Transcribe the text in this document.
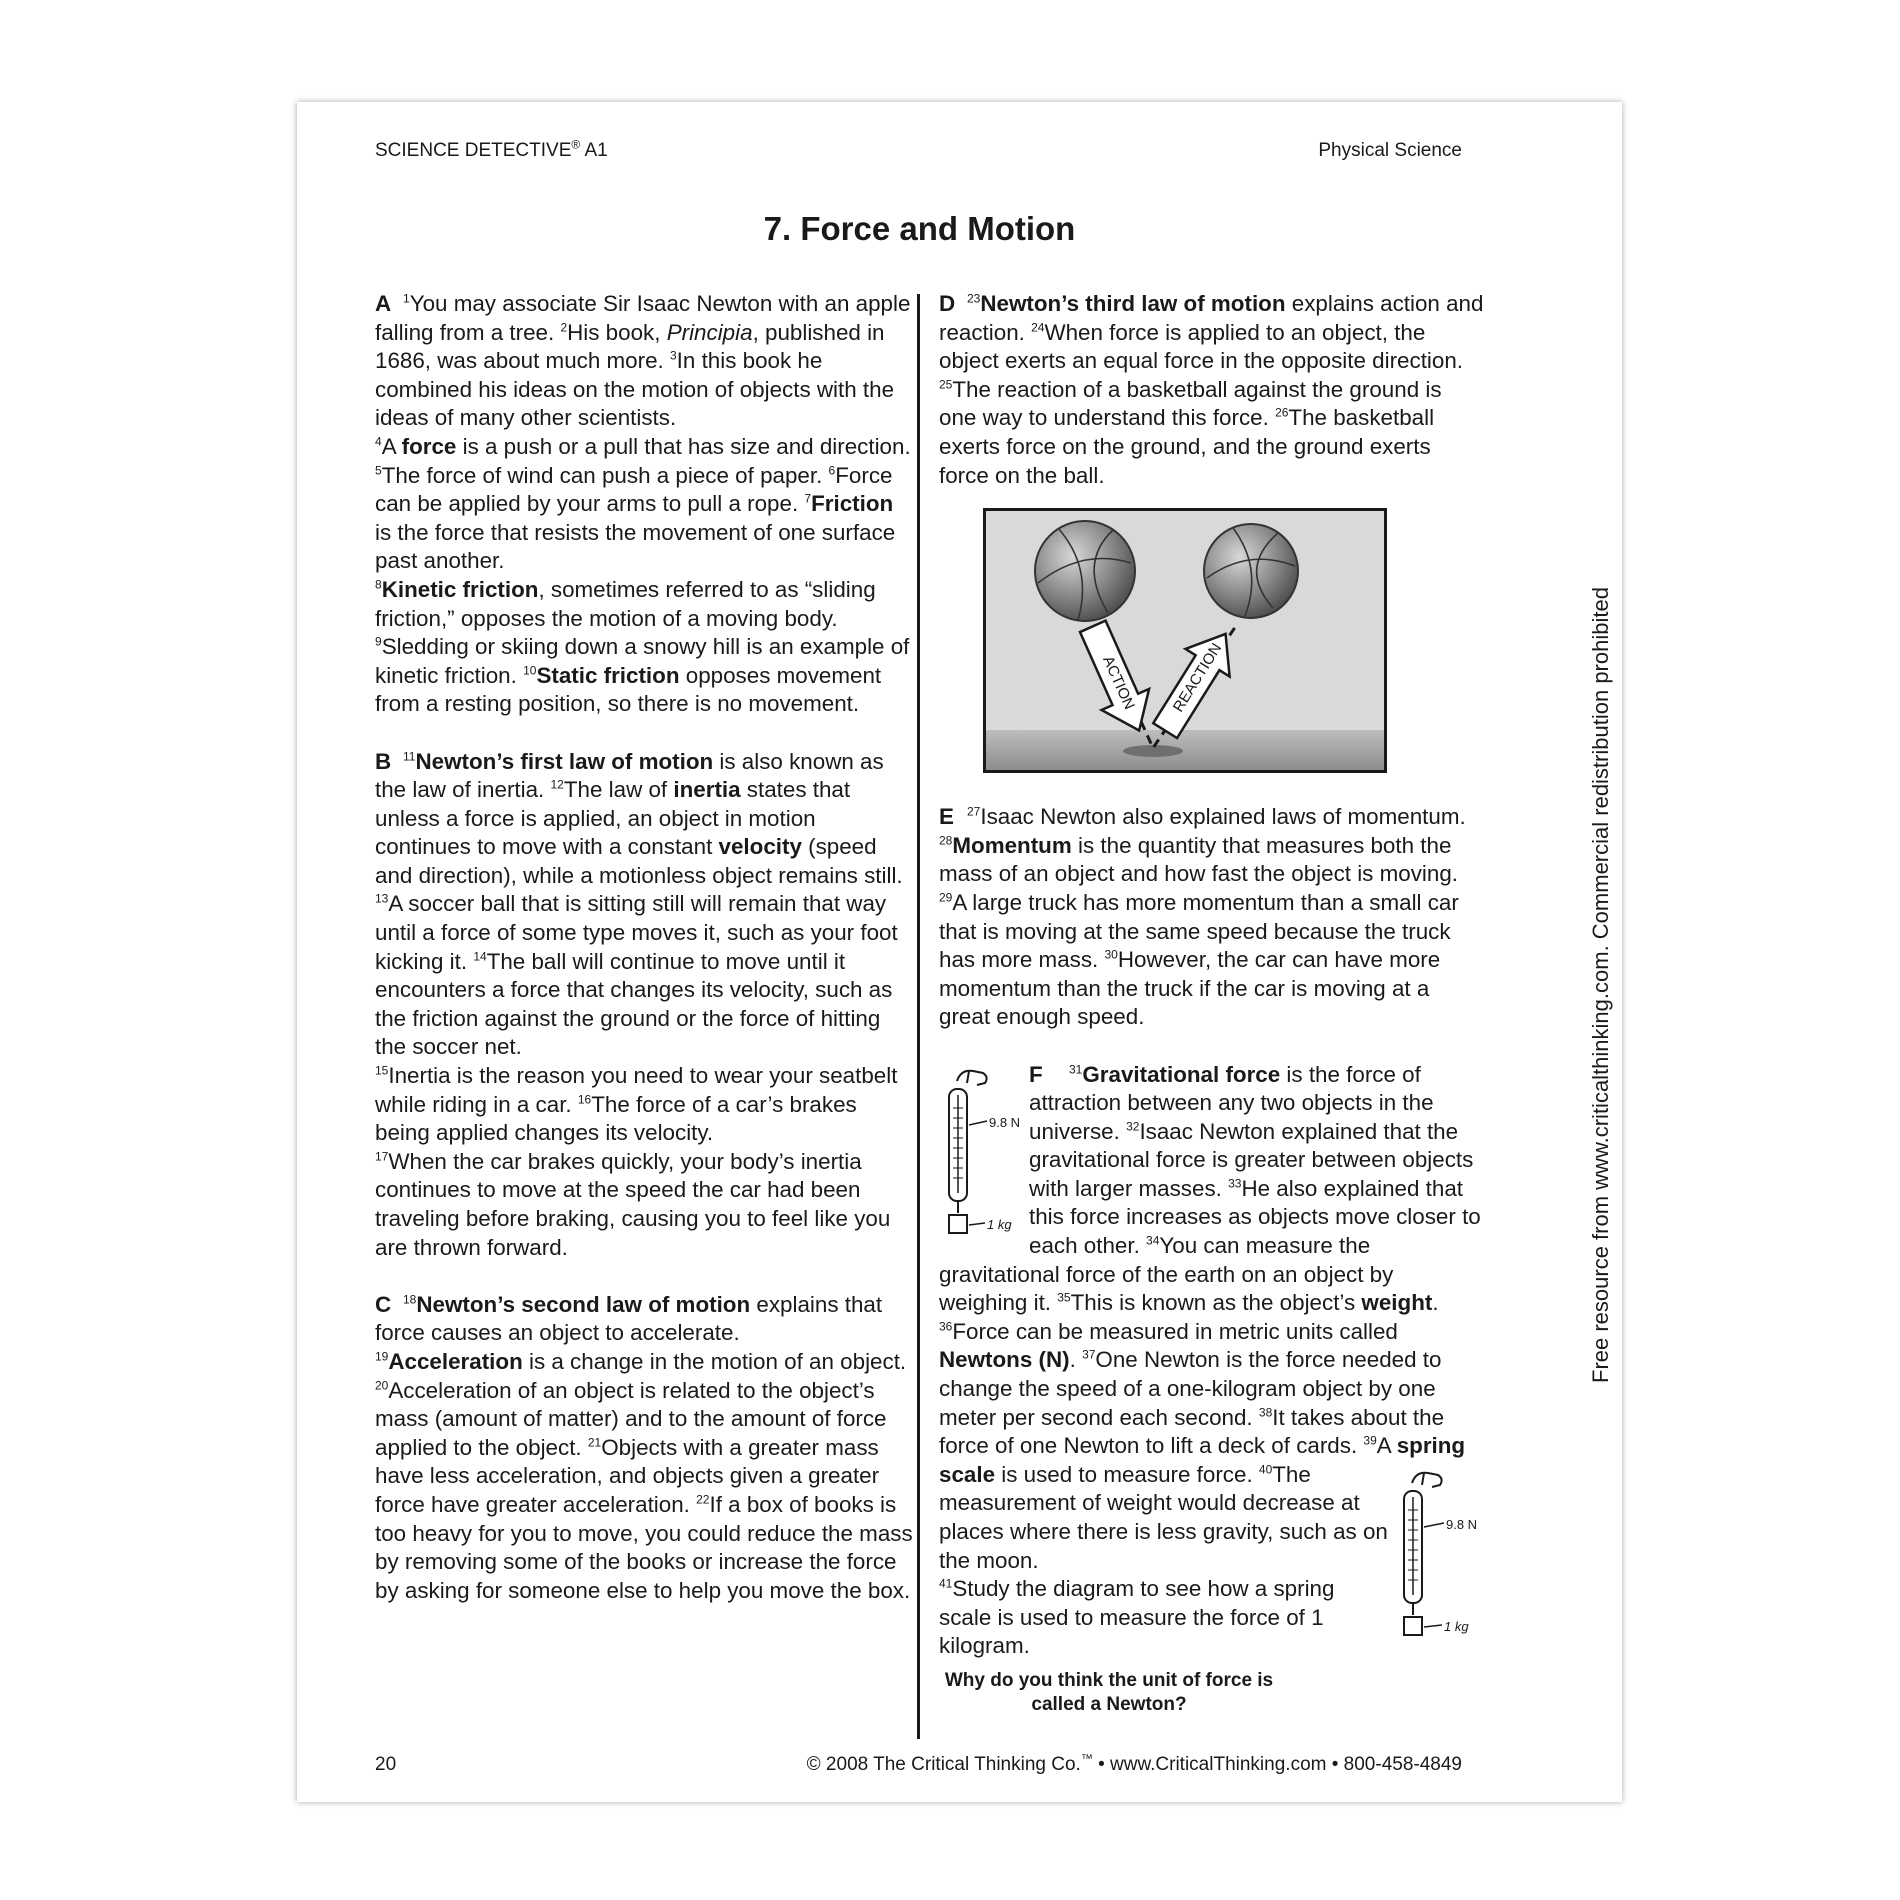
SCIENCE DETECTIVE® A1	Physical Science
7. Force and Motion

A $^1$You may associate Sir Isaac Newton with an apple falling from a tree. $^2$His book, Principia, published in 1686, was about much more. $^3$In this book he combined his ideas on the motion of objects with the ideas of many other scientists.
$^4$A force is a push or a pull that has size and direction. $^5$The force of wind can push a piece of paper. $^6$Force can be applied by your arms to pull a rope. $^7$Friction is the force that resists the movement of one surface past another.
$^8$Kinetic friction, sometimes referred to as “sliding friction,” opposes the motion of a moving body. $^9$Sledding or skiing down a snowy hill is an example of kinetic friction. $^{10}$Static friction opposes movement from a resting position, so there is no movement.

B $^{11}$Newton’s first law of motion is also known as the law of inertia. $^{12}$The law of inertia states that unless a force is applied, an object in motion continues to move with a constant velocity (speed and direction), while a motionless object remains still. $^{13}$A soccer ball that is sitting still will remain that way until a force of some type moves it, such as your foot kicking it. $^{14}$The ball will continue to move until it encounters a force that changes its velocity, such as the friction against the ground or the force of hitting the soccer net.
$^{15}$Inertia is the reason you need to wear your seatbelt while riding in a car. $^{16}$The force of a car’s brakes being applied changes its velocity.
$^{17}$When the car brakes quickly, your body’s inertia continues to move at the speed the car had been traveling before braking, causing you to feel like you are thrown forward.

C $^{18}$Newton’s second law of motion explains that force causes an object to accelerate.
$^{19}$Acceleration is a change in the motion of an object. $^{20}$Acceleration of an object is related to the object’s mass (amount of matter) and to the amount of force applied to the object. $^{21}$Objects with a greater mass have less acceleration, and objects given a greater force have greater acceleration. $^{22}$If a box of books is too heavy for you to move, you could reduce the mass by removing some of the books or increase the force by asking for someone else to help you move the box.

D $^{23}$Newton’s third law of motion explains action and reaction. $^{24}$When force is applied to an object, the object exerts an equal force in the opposite direction. $^{25}$The reaction of a basketball against the ground is one way to understand this force. $^{26}$The basketball exerts force on the ground, and the ground exerts force on the ball.

ACTION REACTION

E $^{27}$Isaac Newton also explained laws of momentum. $^{28}$Momentum is the quantity that measures both the mass of an object and how fast the object is moving. $^{29}$A large truck has more momentum than a small car that is moving at the same speed because the truck has more mass. $^{30}$However, the car can have more momentum than the truck if the car is moving at a great enough speed.

9.8 N
1 kg
F $^{31}$Gravitational force is the force of attraction between any two objects in the universe. $^{32}$Isaac Newton explained that the gravitational force is greater between objects with larger masses. $^{33}$He also explained that this force increases as objects move closer to each other. $^{34}$You can measure the gravitational force of the earth on an object by weighing it. $^{35}$This is known as the object’s weight. $^{36}$Force can be measured in metric units called Newtons (N). $^{37}$One Newton is the force needed to change the speed of a one-kilogram object by one meter per second each second. $^{38}$It takes about the force of one Newton to lift a deck of cards. $^{39}$A spring scale is used to measure force.
9.8 N
1 kg
$^{40}$The measurement of weight would decrease at places where there is less gravity, such as on the moon.
$^{41}$Study the diagram to see how a spring scale is used to measure the force of 1 kilogram.
Why do you think the unit of force is called a Newton?
20	© 2008 The Critical Thinking Co.™ • www.CriticalThinking.com • 800-458-4849
Free resource from www.criticalthinking.com. Commercial redistribution prohibited
